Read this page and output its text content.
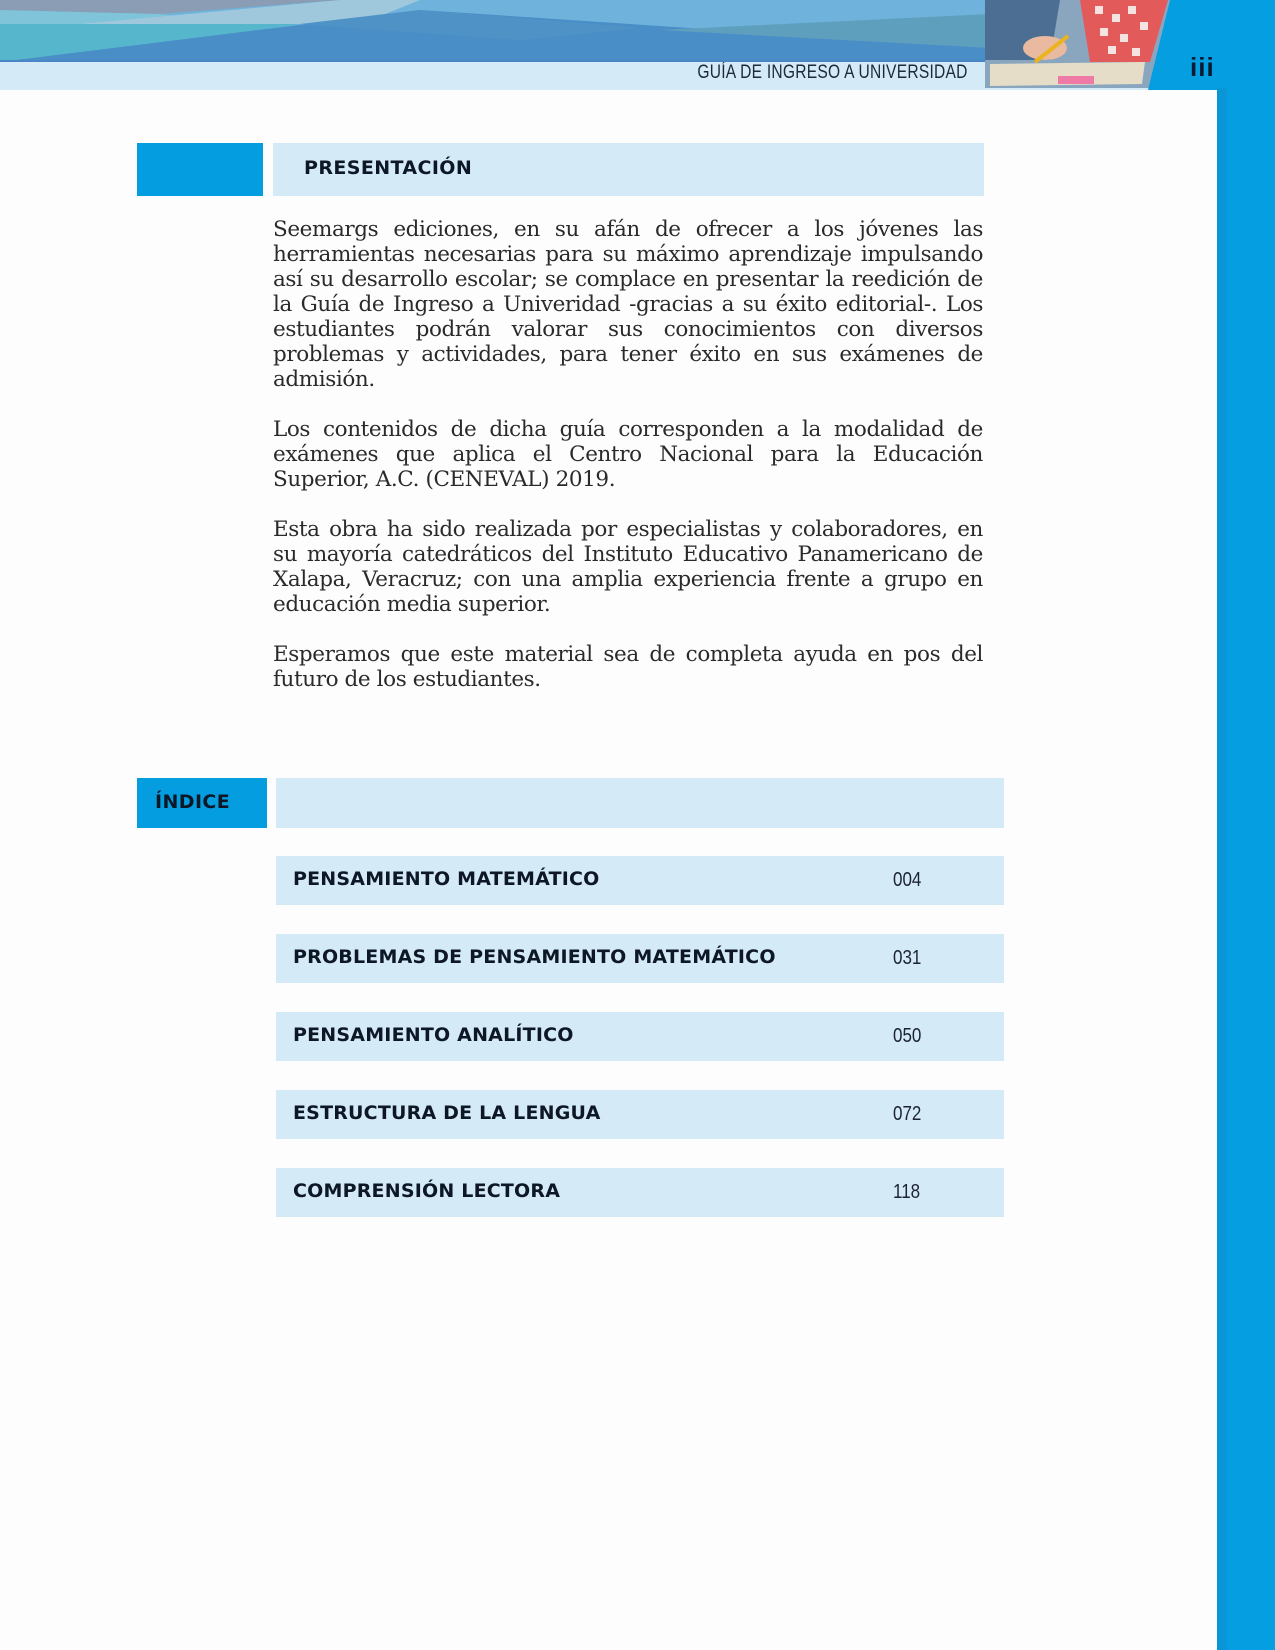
GUÍA DE INGRESO A UNIVERSIDAD	iii
PRESENTACIÓN

Seemargs ediciones, en su afán de ofrecer a los jóvenes las herramientas necesarias para su máximo aprendizaje impulsando así su desarrollo escolar; se complace en presentar la reedición de la Guía de Ingreso a Univeridad -gracias a su éxito editorial-. Los estudiantes podrán valorar sus conocimientos con diversos problemas y actividades, para tener éxito en sus exámenes de admisión.

Los contenidos de dicha guía corresponden a la modalidad de exámenes que aplica el Centro Nacional para la Educación Superior, A.C. (CENEVAL) 2019.

Esta obra ha sido realizada por especialistas y colaboradores, en su mayoría catedráticos del Instituto Educativo Panamericano de Xalapa, Veracruz; con una amplia experiencia frente a grupo en educación media superior.

Esperamos que este material sea de completa ayuda en pos del futuro de los estudiantes.

ÍNDICE
PENSAMIENTO MATEMÁTICO	004
PROBLEMAS DE PENSAMIENTO MATEMÁTICO	031
PENSAMIENTO ANALÍTICO	050
ESTRUCTURA DE LA LENGUA	072
COMPRENSIÓN LECTORA	118
